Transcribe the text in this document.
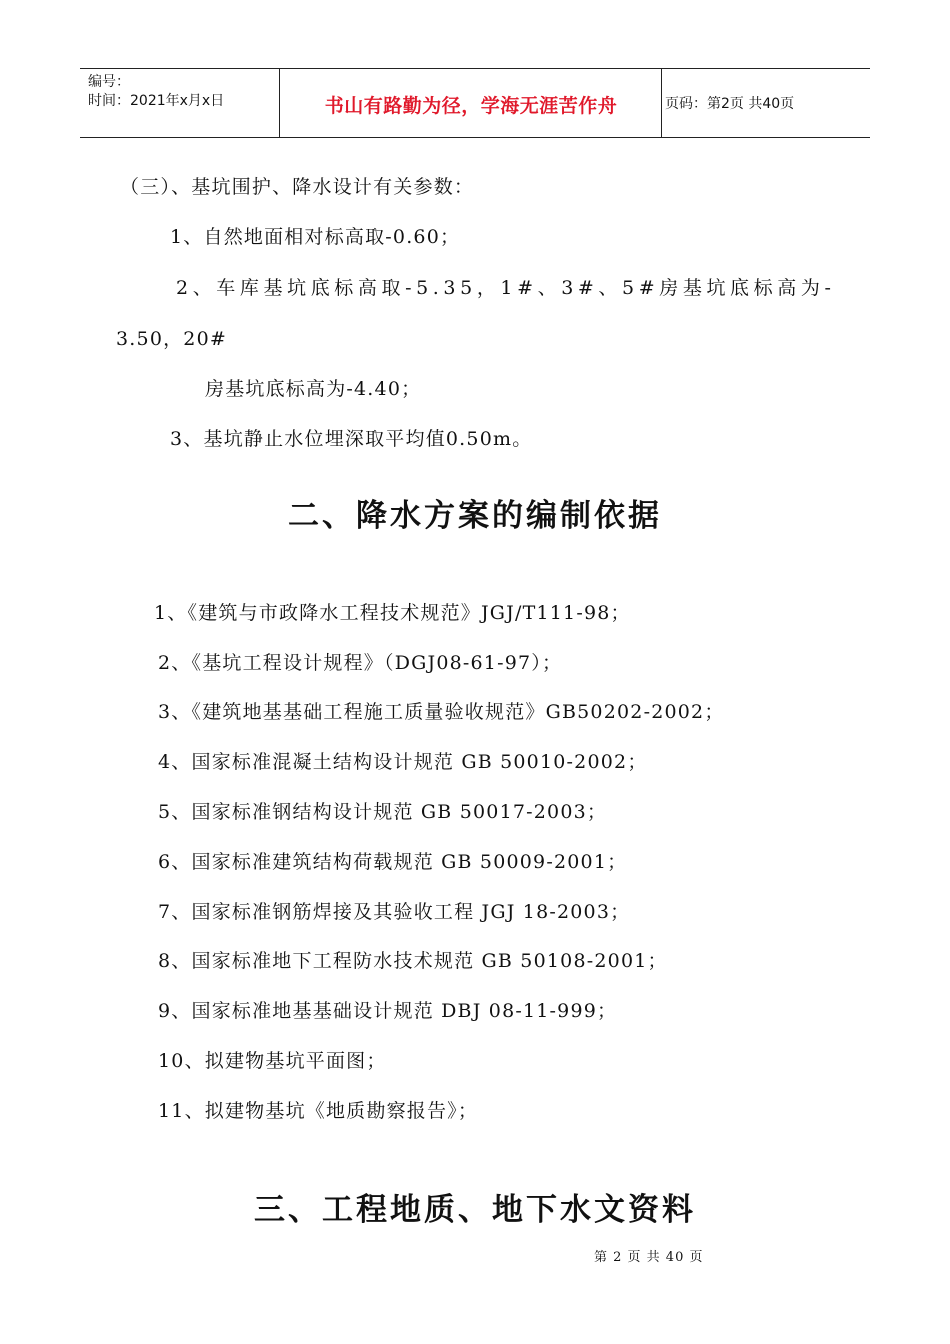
编号：
时间：2021年x月x日	书山有路勤为径，学海无涯苦作舟	页码：第2页 共40页
（三）、基坑围护、降水设计有关参数：
1、自然地面相对标高取-0.60；
2、车库基坑底标高取-5.35，1#、3#、5#房基坑底标高为-
3.50，20#
房基坑底标高为-4.40；
3、基坑静止水位埋深取平均值0.50m。
二、降水方案的编制依据
1、《建筑与市政降水工程技术规范》JGJ/T111-98；
2、《基坑工程设计规程》（DGJ08-61-97）；
3、《建筑地基基础工程施工质量验收规范》GB50202-2002；
4、国家标准混凝土结构设计规范 GB 50010-2002；
5、国家标准钢结构设计规范 GB 50017-2003；
6、国家标准建筑结构荷载规范 GB 50009-2001；
7、国家标准钢筋焊接及其验收工程 JGJ 18-2003；
8、国家标准地下工程防水技术规范 GB 50108-2001；
9、国家标准地基基础设计规范 DBJ 08-11-999；
10、拟建物基坑平面图；
11、拟建物基坑《地质勘察报告》；
三、工程地质、地下水文资料
第 2 页 共 40 页
